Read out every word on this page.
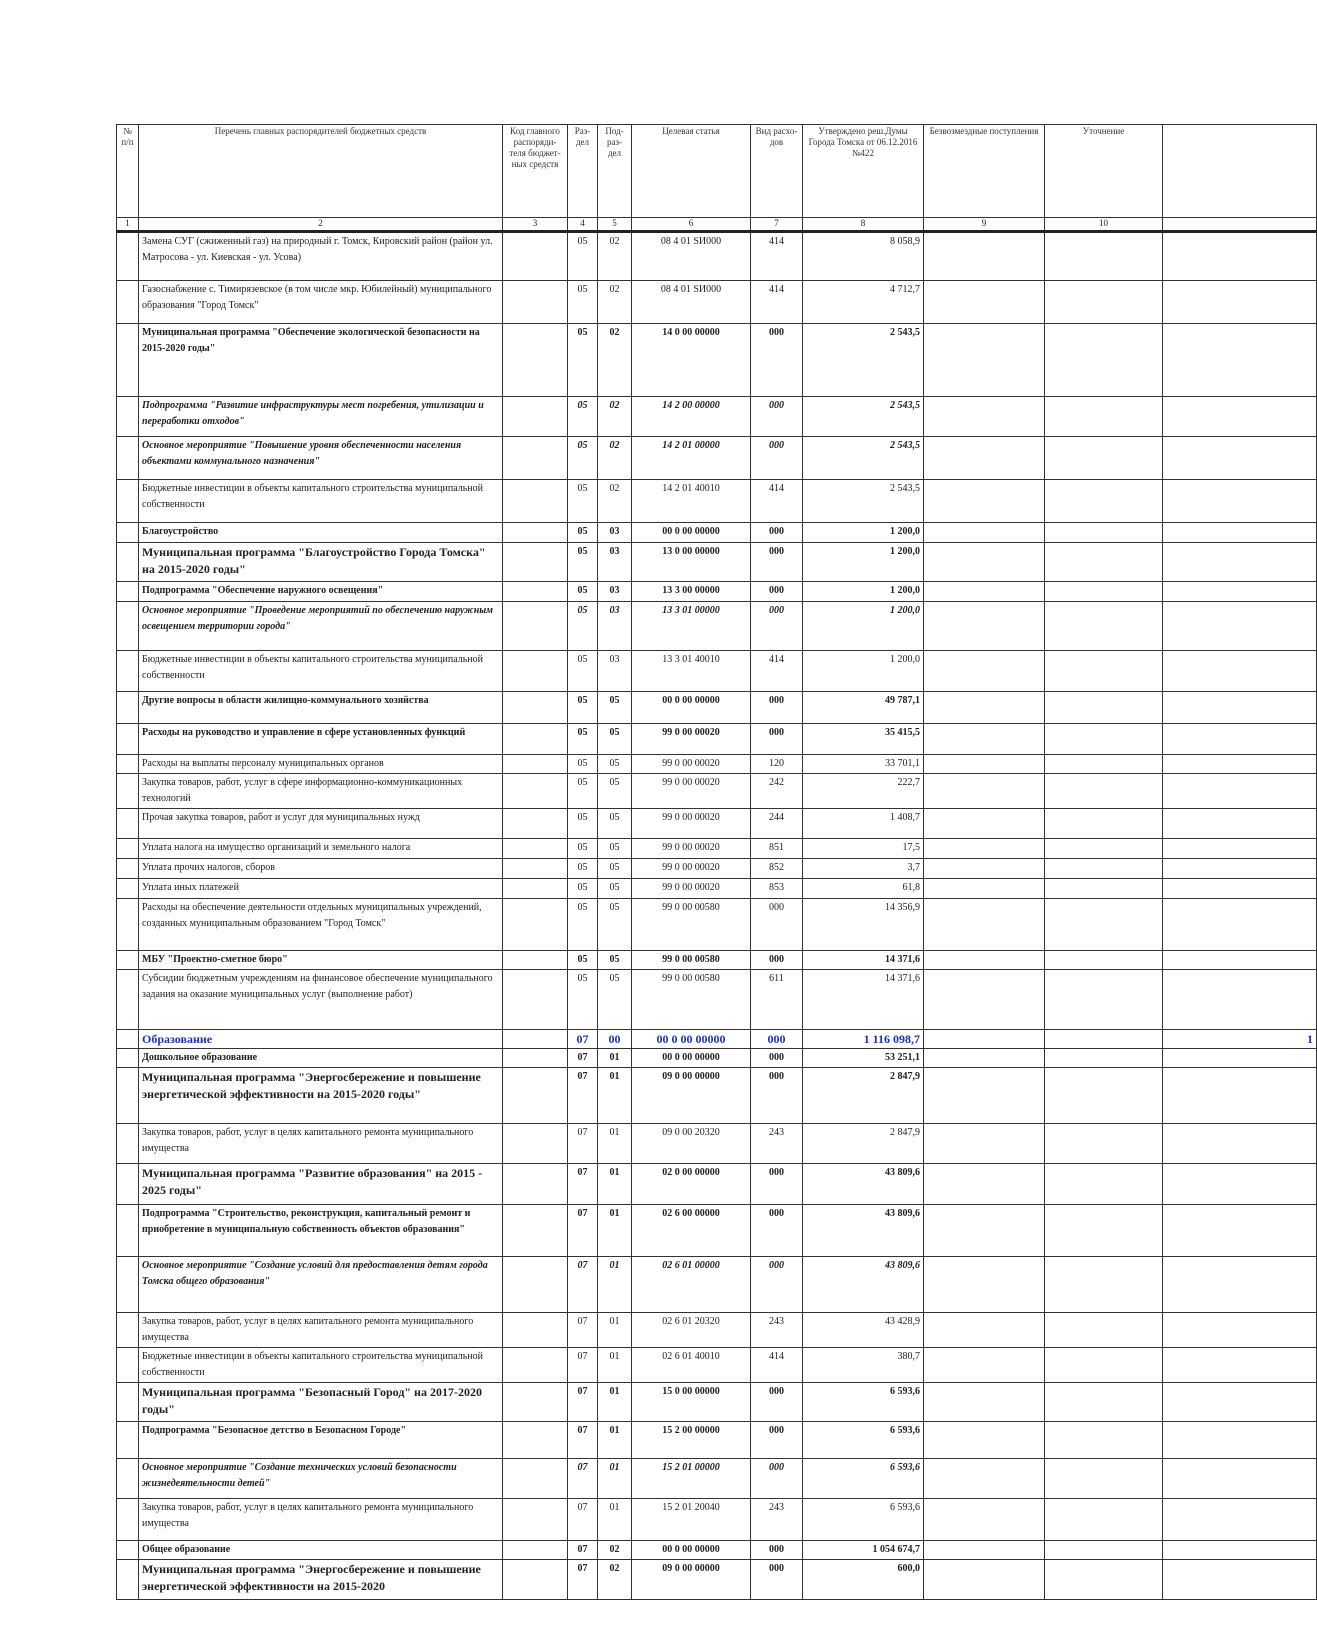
№ п/п	Перечень главных распорядителей бюджетных средств	Код главного распоряди-теля бюджет-ных средств	Раз-дел	Под-раз-дел	Целевая статья	Вид расхо-дов	Утверждено реш.Думы Города Томска от 06.12.2016 №422	Безвозмездные поступления	Уточнение	
1	2	3	4	5	6	7	8	9	10	
	Замена СУГ (сжиженный газ) на природный г. Томск, Кировский район (район ул. Матросова - ул. Киевская - ул. Усова)		05	02	08 4 01 SИ000	414	8 058,9			
	Газоснабжение с. Тимирязевское (в том числе мкр. Юбилейный) муниципального образования "Город Томск"		05	02	08 4 01 SИ000	414	4 712,7			
	Муниципальная программа "Обеспечение экологической безопасности на 2015-2020 годы"		05	02	14 0 00 00000	000	2 543,5			
	Подпрограмма "Развитие инфраструктуры мест погребения, утилизации и переработки отходов"		05	02	14 2 00 00000	000	2 543,5			
	Основное мероприятие "Повышение уровня обеспеченности населения объектами коммунального назначения"		05	02	14 2 01 00000	000	2 543,5			
	Бюджетные инвестиции в объекты капитального строительства муниципальной собственности		05	02	14 2 01 40010	414	2 543,5			
	Благоустройство		05	03	00 0 00 00000	000	1 200,0			
	Муниципальная программа "Благоустройство Города Томска" на 2015-2020 годы"		05	03	13 0 00 00000	000	1 200,0			
	Подпрограмма "Обеспечение наружного освещения"		05	03	13 3 00 00000	000	1 200,0			
	Основное мероприятие "Проведение мероприятий по обеспечению наружным освещением территории города"		05	03	13 3 01 00000	000	1 200,0			
	Бюджетные инвестиции в объекты капитального строительства муниципальной собственности		05	03	13 3 01 40010	414	1 200,0			
	Другие вопросы в области жилищно-коммунального хозяйства		05	05	00 0 00 00000	000	49 787,1			
	Расходы на руководство и управление в сфере установленных функций		05	05	99 0 00 00020	000	35 415,5			
	Расходы на выплаты персоналу муниципальных органов		05	05	99 0 00 00020	120	33 701,1			
	Закупка товаров, работ, услуг в сфере информационно-коммуникационных технологий		05	05	99 0 00 00020	242	222,7			
	Прочая закупка товаров, работ и услуг для муниципальных нужд		05	05	99 0 00 00020	244	1 408,7			
	Уплата налога на имущество организаций и земельного налога		05	05	99 0 00 00020	851	17,5			
	Уплата прочих налогов, сборов		05	05	99 0 00 00020	852	3,7			
	Уплата иных платежей		05	05	99 0 00 00020	853	61,8			
	Расходы на обеспечение деятельности отдельных муниципальных учреждений, созданных муниципальным образованием "Город Томск"		05	05	99 0 00 00580	000	14 356,9			
	МБУ "Проектно-сметное бюро"		05	05	99 0 00 00580	000	14 371,6			
	Субсидии бюджетным учреждениям на финансовое обеспечение муниципального задания на оказание муниципальных услуг (выполнение работ)		05	05	99 0 00 00580	611	14 371,6			
	Образование		07	00	00 0 00 00000	000	1 116 098,7			1
	Дошкольное образование		07	01	00 0 00 00000	000	53 251,1			
	Муниципальная программа "Энергосбережение и повышение энергетической эффективности на 2015-2020 годы"		07	01	09 0 00 00000	000	2 847,9			
	Закупка товаров, работ, услуг в целях капитального ремонта муниципального имущества		07	01	09 0 00 20320	243	2 847,9			
	Муниципальная программа "Развитие образования" на 2015 - 2025 годы"		07	01	02 0 00 00000	000	43 809,6			
	Подпрограмма "Строительство, реконструкция, капитальный ремонт и приобретение в муниципальную собственность объектов образования"		07	01	02 6 00 00000	000	43 809,6			
	Основное мероприятие "Создание условий для предоставления детям города Томска общего образования"		07	01	02 6 01 00000	000	43 809,6			
	Закупка товаров, работ, услуг в целях капитального ремонта муниципального имущества		07	01	02 6 01 20320	243	43 428,9			
	Бюджетные инвестиции в объекты капитального строительства муниципальной собственности		07	01	02 6 01 40010	414	380,7			
	Муниципальная программа "Безопасный Город" на 2017-2020 годы"		07	01	15 0 00 00000	000	6 593,6			
	Подпрограмма "Безопасное детство в Безопасном Городе"		07	01	15 2 00 00000	000	6 593,6			
	Основное мероприятие "Создание технических условий безопасности жизнедеятельности детей"		07	01	15 2 01 00000	000	6 593,6			
	Закупка товаров, работ, услуг в целях капитального ремонта муниципального имущества		07	01	15 2 01 20040	243	6 593,6			
	Общее образование		07	02	00 0 00 00000	000	1 054 674,7			
	Муниципальная программа "Энергосбережение и повышение энергетической эффективности на 2015-2020		07	02	09 0 00 00000	000	600,0			
